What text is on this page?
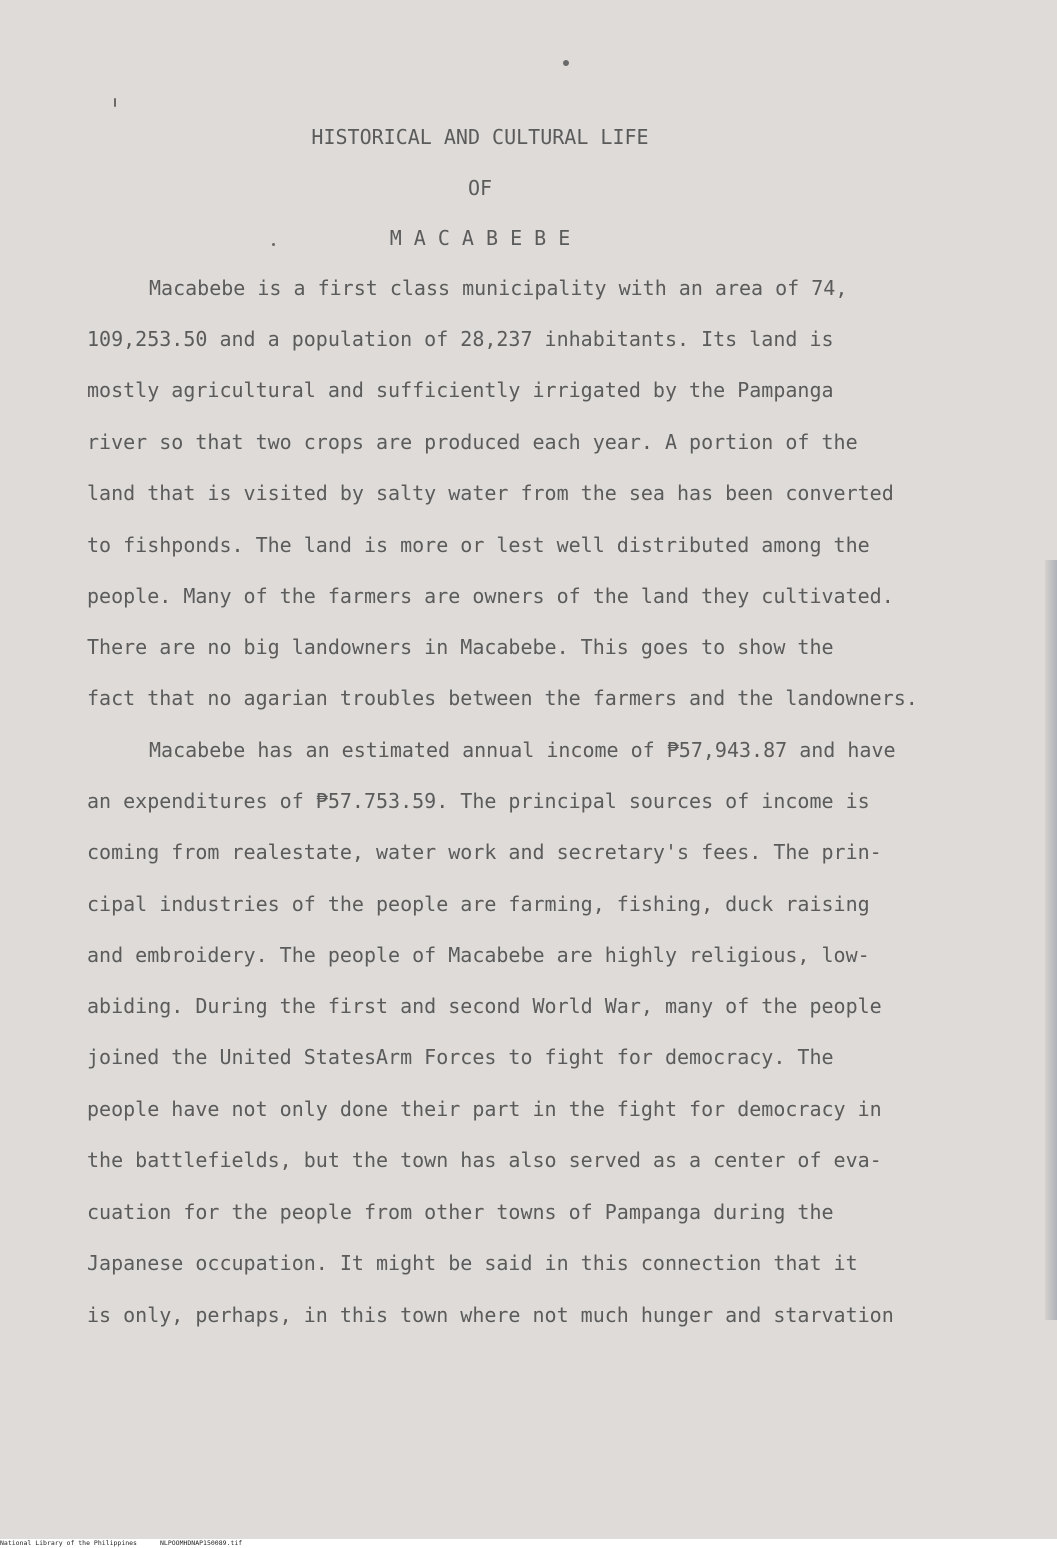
HISTORICAL AND CULTURAL LIFE

OF

M A C A B E B E

Macabebe is a first class municipality with an area of 74,

109,253.50 and a population of 28,237 inhabitants. Its land is

mostly agricultural and sufficiently irrigated by the Pampanga

river so that two crops are produced each year. A portion of the

land that is visited by salty water from the sea has been converted

to fishponds. The land is more or lest well distributed among the

people. Many of the farmers are owners of the land they cultivated.

There are no big landowners in Macabebe. This goes to show the

fact that no agarian troubles between the farmers and the landowners.

Macabebe has an estimated annual income of ₱57,943.87 and have

an expenditures of ₱57.753.59. The principal sources of income is

coming from realestate, water work and secretary's fees. The prin-

cipal industries of the people are farming, fishing, duck raising

and embroidery. The people of Macabebe are highly religious, low-

abiding. During the first and second World War, many of the people

joined the United StatesArm Forces to fight for democracy. The

people have not only done their part in the fight for democracy in

the battlefields, but the town has also served as a center of eva-

cuation for the people from other towns of Pampanga during the

Japanese occupation. It might be said in this connection that it

is only, perhaps, in this town where not much hunger and starvation

National Library of the Philippines	NLPOOMHDNAP150089.tif
